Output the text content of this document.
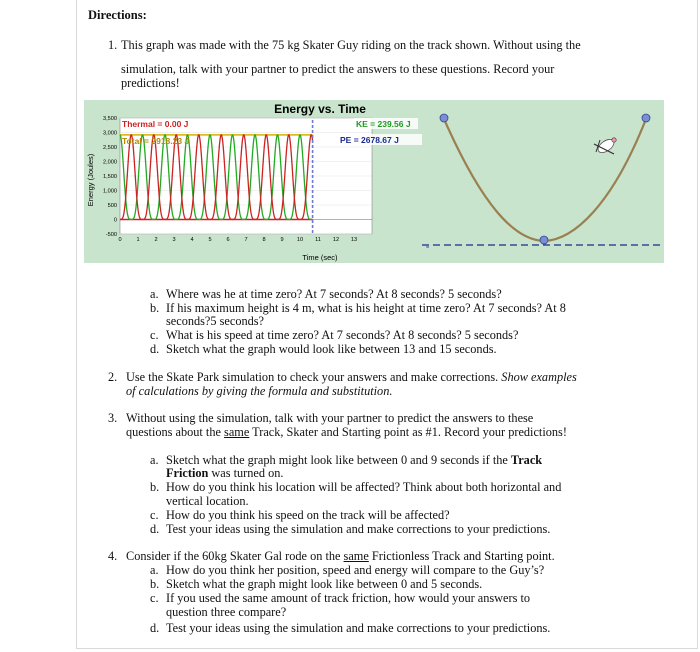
Directions:
1. This graph was made with the 75 kg Skater Guy riding on the track shown. Without using the
simulation, talk with your partner to predict the answers to these questions. Record your
predictions!
3,500
3,000
2,500
2,000
1,500
1,000
500
0
-500
0	1	2	3	4	5	6	7	8	9 10 11 12 13
Energy vs. Time
Time (sec)
Energy (Joules)
Thermal = 0.00 J
Total = 2918.23 J
KE = 239.56 J
PE = 2678.67 J
≈
a. Where was he at time zero? At 7 seconds? At 8 seconds? 5 seconds?
b. If his maximum height is 4 m, what is his height at time zero? At 7 seconds? At 8
seconds?5 seconds?
c. What is his speed at time zero? At 7 seconds? At 8 seconds? 5 seconds?
d. Sketch what the graph would look like between 13 and 15 seconds.
2. Use the Skate Park simulation to check your answers and make corrections. Show examples
of calculations by giving the formula and substitution.
3. Without using the simulation, talk with your partner to predict the answers to these
questions about the same Track, Skater and Starting point as #1. Record your predictions!
a. Sketch what the graph might look like between 0 and 9 seconds if the Track
Friction was turned on.
b. How do you think his location will be affected? Think about both horizontal and
vertical location.
c. How do you think his speed on the track will be affected?
d. Test your ideas using the simulation and make corrections to your predictions.
4. Consider if the 60kg Skater Gal rode on the same Frictionless Track and Starting point.
a. How do you think her position, speed and energy will compare to the Guy’s?
b. Sketch what the graph might look like between 0 and 5 seconds.
c. If you used the same amount of track friction, how would your answers to
question three compare?
d. Test your ideas using the simulation and make corrections to your predictions.
